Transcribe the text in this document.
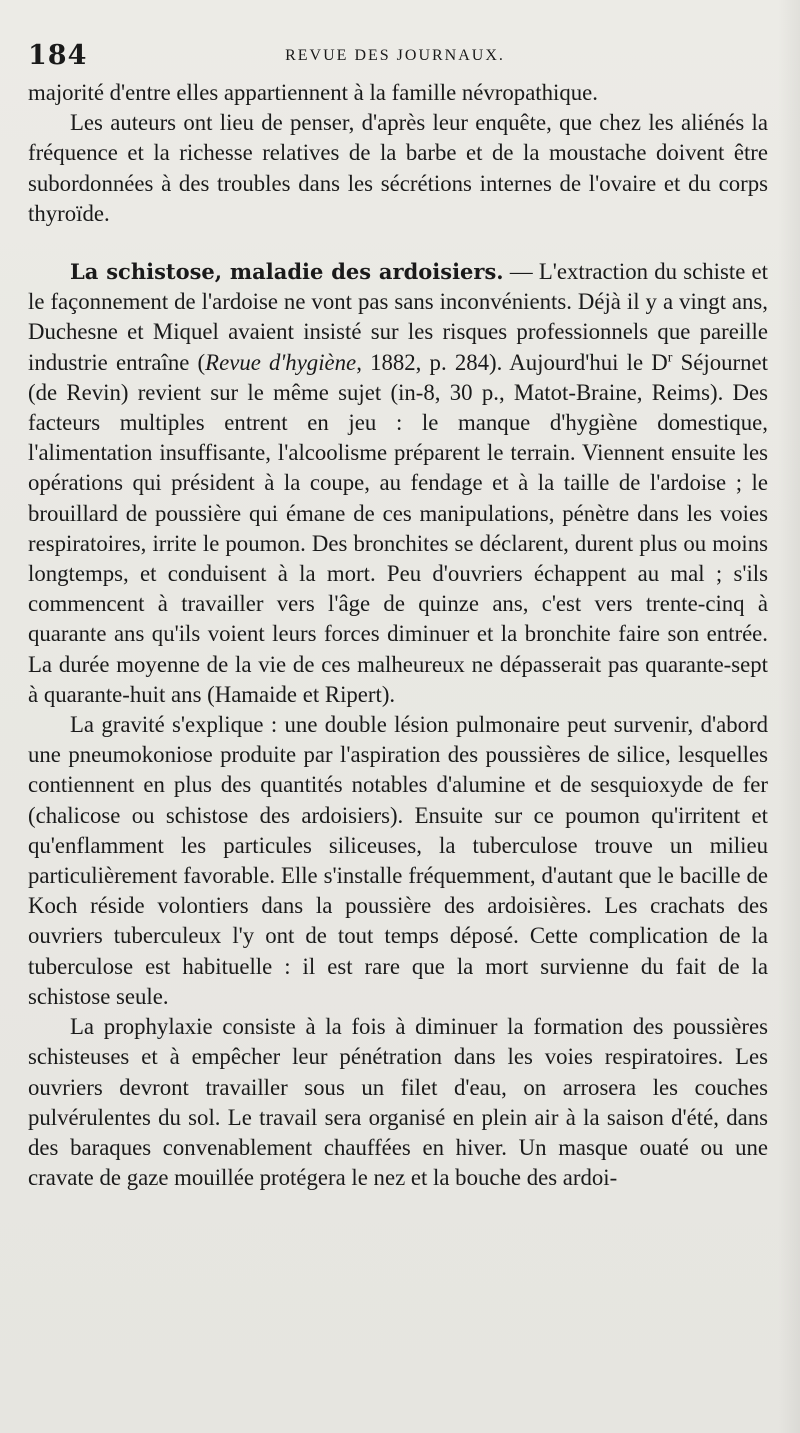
184	REVUE DES JOURNAUX.

majorité d'entre elles appartiennent à la famille névropathique.

Les auteurs ont lieu de penser, d'après leur enquête, que chez les aliénés la fréquence et la richesse relatives de la barbe et de la moustache doivent être subordonnées à des troubles dans les sécrétions internes de l'ovaire et du corps thyroïde.

La schistose, maladie des ardoisiers. — L'extraction du schiste et le façonnement de l'ardoise ne vont pas sans inconvénients. Déjà il y a vingt ans, Duchesne et Miquel avaient insisté sur les risques professionnels que pareille industrie entraîne (Revue d'hygiène, 1882, p. 284). Aujourd'hui le $D^r$ Séjournet (de Revin) revient sur le même sujet (in-8, 30 p., Matot-Braine, Reims). Des facteurs multiples entrent en jeu : le manque d'hygiène domestique, l'alimentation insuffisante, l'alcoolisme préparent le terrain. Viennent ensuite les opérations qui président à la coupe, au fendage et à la taille de l'ardoise ; le brouillard de poussière qui émane de ces manipulations, pénètre dans les voies respiratoires, irrite le poumon. Des bronchites se déclarent, durent plus ou moins longtemps, et conduisent à la mort. Peu d'ouvriers échappent au mal ; s'ils commencent à travailler vers l'âge de quinze ans, c'est vers trente-cinq à quarante ans qu'ils voient leurs forces diminuer et la bronchite faire son entrée. La durée moyenne de la vie de ces malheureux ne dépasserait pas quarante-sept à quarante-huit ans (Hamaide et Ripert).

La gravité s'explique : une double lésion pulmonaire peut survenir, d'abord une pneumokoniose produite par l'aspiration des poussières de silice, lesquelles contiennent en plus des quantités notables d'alumine et de sesquioxyde de fer (chalicose ou schistose des ardoisiers). Ensuite sur ce poumon qu'irritent et qu'enflamment les particules siliceuses, la tuberculose trouve un milieu particulièrement favorable. Elle s'installe fréquemment, d'autant que le bacille de Koch réside volontiers dans la poussière des ardoisières. Les crachats des ouvriers tuberculeux l'y ont de tout temps déposé. Cette complication de la tuberculose est habituelle : il est rare que la mort survienne du fait de la schistose seule.

La prophylaxie consiste à la fois à diminuer la formation des poussières schisteuses et à empêcher leur pénétration dans les voies respiratoires. Les ouvriers devront travailler sous un filet d'eau, on arrosera les couches pulvérulentes du sol. Le travail sera organisé en plein air à la saison d'été, dans des baraques convenablement chauffées en hiver. Un masque ouaté ou une cravate de gaze mouillée protégera le nez et la bouche des ardoi-
